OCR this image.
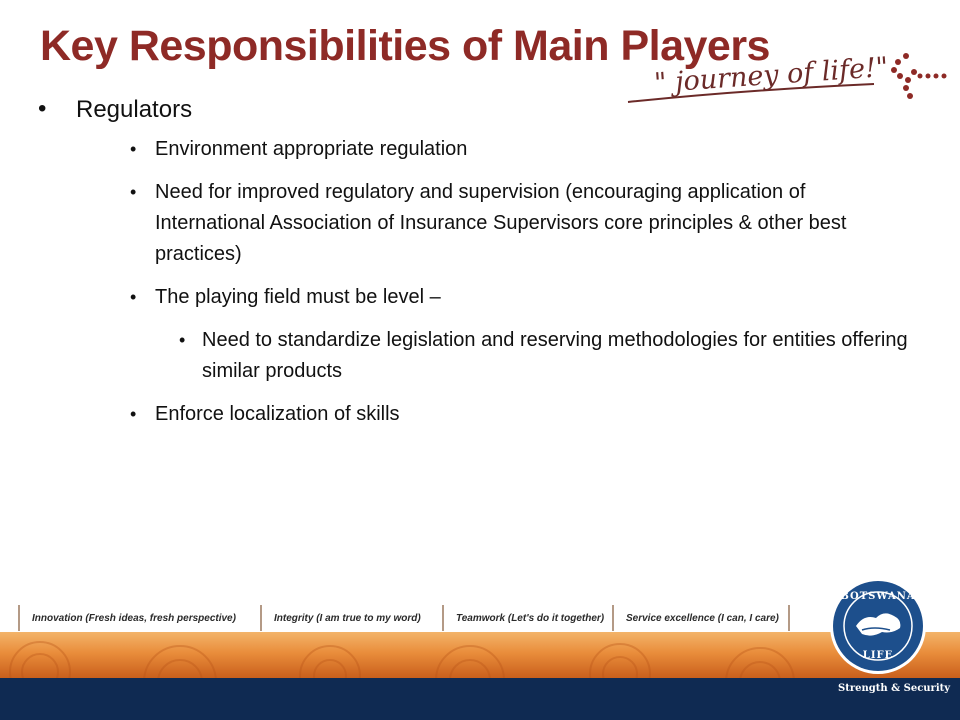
Key Responsibilities of Main Players
" journey of life!"
• Regulators
• Environment appropriate regulation
• Need for improved regulatory and supervision (encouraging application of International Association of Insurance Supervisors core principles & other best practices)
• The playing field must be level –
• Need to standardize legislation and reserving methodologies for entities offering similar products
• Enforce localization of skills
Innovation (Fresh ideas, fresh perspective)	Integrity (I am true to my word)	Teamwork (Let's do it together)	Service excellence (I can, I care)
BOTSWANA
LIFE
Strength & Security
